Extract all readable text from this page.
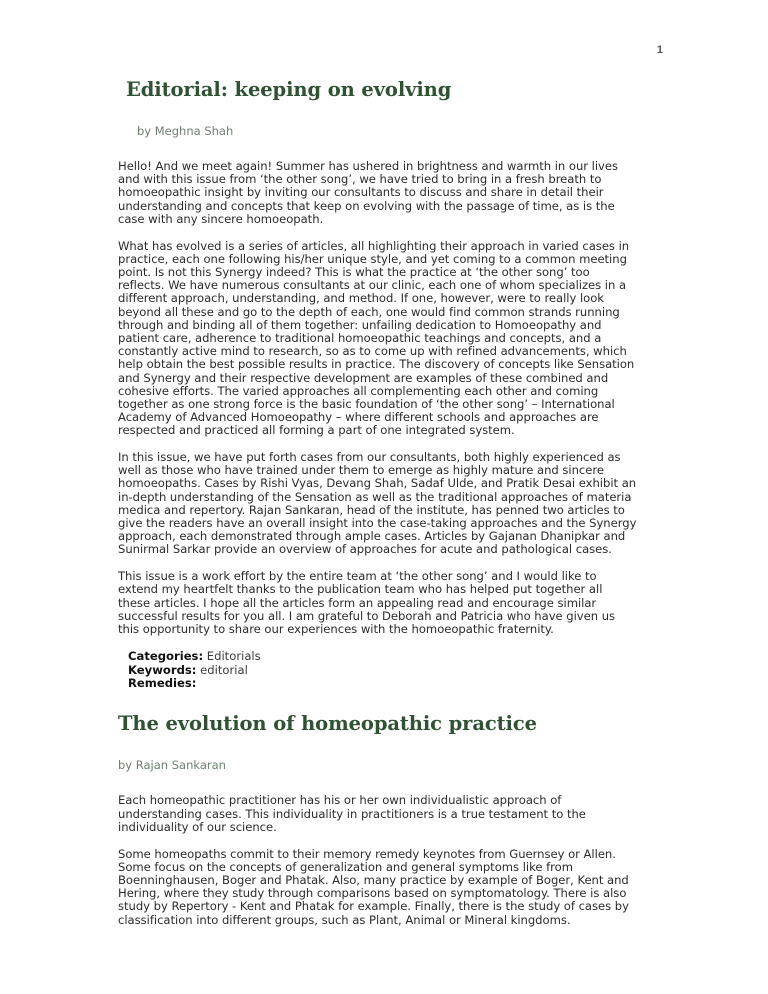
1
Editorial: keeping on evolving
by Meghna Shah

Hello! And we meet again! Summer has ushered in brightness and warmth in our lives and with this issue from ‘the other song’, we have tried to bring in a fresh breath to homoeopathic insight by inviting our consultants to discuss and share in detail their understanding and concepts that keep on evolving with the passage of time, as is the case with any sincere homoeopath.

What has evolved is a series of articles, all highlighting their approach in varied cases in practice, each one following his/her unique style, and yet coming to a common meeting point. Is not this Synergy indeed? This is what the practice at ‘the other song’ too reflects. We have numerous consultants at our clinic, each one of whom specializes in a different approach, understanding, and method. If one, however, were to really look beyond all these and go to the depth of each, one would find common strands running through and binding all of them together: unfailing dedication to Homoeopathy and patient care, adherence to traditional homoeopathic teachings and concepts, and a constantly active mind to research, so as to come up with refined advancements, which help obtain the best possible results in practice. The discovery of concepts like Sensation and Synergy and their respective development are examples of these combined and cohesive efforts. The varied approaches all complementing each other and coming together as one strong force is the basic foundation of ‘the other song’ – International Academy of Advanced Homoeopathy – where different schools and approaches are respected and practiced all forming a part of one integrated system.

In this issue, we have put forth cases from our consultants, both highly experienced as well as those who have trained under them to emerge as highly mature and sincere homoeopaths. Cases by Rishi Vyas, Devang Shah, Sadaf Ulde, and Pratik Desai exhibit an in-depth understanding of the Sensation as well as the traditional approaches of materia medica and repertory. Rajan Sankaran, head of the institute, has penned two articles to give the readers have an overall insight into the case-taking approaches and the Synergy approach, each demonstrated through ample cases. Articles by Gajanan Dhanipkar and Sunirmal Sarkar provide an overview of approaches for acute and pathological cases.

This issue is a work effort by the entire team at ‘the other song’ and I would like to extend my heartfelt thanks to the publication team who has helped put together all these articles. I hope all the articles form an appealing read and encourage similar successful results for you all. I am grateful to Deborah and Patricia who have given us this opportunity to share our experiences with the homoeopathic fraternity.

Categories: Editorials
Keywords: editorial
Remedies:
The evolution of homeopathic practice
by Rajan Sankaran

Each homeopathic practitioner has his or her own individualistic approach of understanding cases. This individuality in practitioners is a true testament to the individuality of our science.

Some homeopaths commit to their memory remedy keynotes from Guernsey or Allen. Some focus on the concepts of generalization and general symptoms like from Boenninghausen, Boger and Phatak. Also, many practice by example of Boger, Kent and Hering, where they study through comparisons based on symptomatology. There is also study by Repertory - Kent and Phatak for example. Finally, there is the study of cases by classification into different groups, such as Plant, Animal or Mineral kingdoms.
